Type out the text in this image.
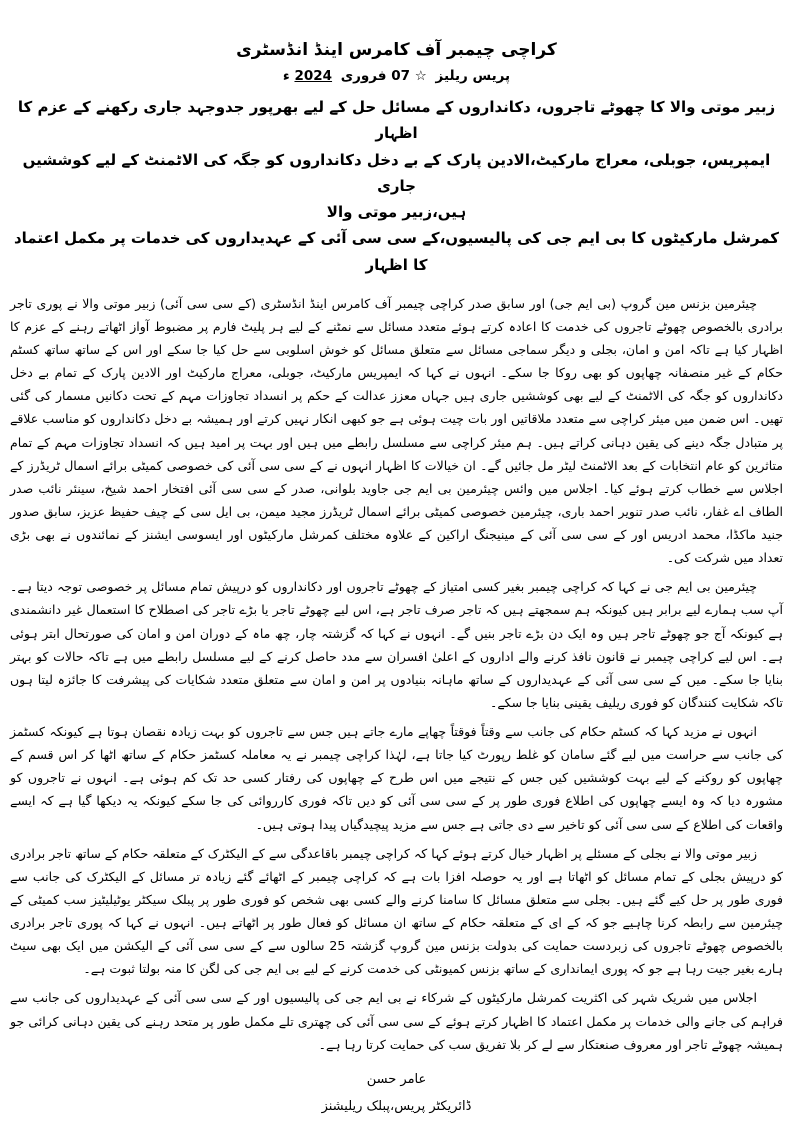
کراچی چیمبر آف کامرس اینڈ انڈسٹری
پریس ریلیز ☆ 07 فروری 2024 ء
زبیر موتی والا کا چھوٹے تاجروں، دکانداروں کے مسائل حل کے لیے بھرپور جدوجہد جاری رکھنے کے عزم کا اظہار
ایمپریس، جوبلی، معراج مارکیٹ،الادین پارک کے بے دخل دکانداروں کو جگہ کی الاٹمنٹ کے لیے کوششیں جاری
ہیں،زبیر موتی والا
کمرشل مارکیٹوں کا بی ایم جی کی پالیسیوں،کے سی سی آئی کے عہدیداروں کی خدمات پر مکمل اعتماد کا اظہار

چیئرمین بزنس مین گروپ (بی ایم جی) اور سابق صدر کراچی چیمبر آف کامرس اینڈ انڈسٹری (کے سی سی آئی) زبیر موتی والا نے پوری تاجر برادری بالخصوص چھوٹے تاجروں کی خدمت کا اعادہ کرتے ہوئے متعدد مسائل سے نمٹنے کے لیے ہر پلیٹ فارم پر مضبوط آواز اٹھاتے رہنے کے عزم کا اظہار کیا ہے تاکہ امن و امان، بجلی و دیگر سماجی مسائل سے متعلق مسائل کو خوش اسلوبی سے حل کیا جا سکے اور اس کے ساتھ ساتھ کسٹم حکام کے غیر منصفانہ چھاپوں کو بھی روکا جا سکے۔ انہوں نے کہا کہ ایمپریس مارکیٹ، جوبلی، معراج مارکیٹ اور الادین پارک کے تمام بے دخل دکانداروں کو جگہ کی الاٹمنٹ کے لیے بھی کوششیں جاری ہیں جہاں معزز عدالت کے حکم پر انسداد تجاوزات مہم کے تحت دکانیں مسمار کی گئی تھیں۔ اس ضمن میں میئر کراچی سے متعدد ملاقاتیں اور بات چیت ہوئی ہے جو کبھی انکار نہیں کرتے اور ہمیشہ بے دخل دکانداروں کو مناسب علاقے پر متبادل جگہ دینے کی یقین دہانی کراتے ہیں۔ ہم میئر کراچی سے مسلسل رابطے میں ہیں اور بہت پر امید ہیں کہ انسداد تجاوزات مہم کے تمام متاثرین کو عام انتخابات کے بعد الاٹمنٹ لیٹر مل جائیں گے۔ ان خیالات کا اظہار انہوں نے کے سی سی آئی کی خصوصی کمیٹی برائے اسمال ٹریڈرز کے اجلاس سے خطاب کرتے ہوئے کیا۔ اجلاس میں وائس چیئرمین بی ایم جی جاوید بلوانی، صدر کے سی سی آئی افتخار احمد شیخ، سینئر نائب صدر الطاف اے غفار، نائب صدر تنویر احمد باری، چیئرمین خصوصی کمیٹی برائے اسمال ٹریڈرز مجید میمن، بی ایل سی کے چیف حفیظ عزیز، سابق صدور جنید ماکڈا، محمد ادریس اور کے سی سی آئی کے مینیجنگ اراکین کے علاوہ مختلف کمرشل مارکیٹوں اور ایسوسی ایشنز کے نمائندوں نے بھی بڑی تعداد میں شرکت کی۔

چیئرمین بی ایم جی نے کہا کہ کراچی چیمبر بغیر کسی امتیاز کے چھوٹے تاجروں اور دکانداروں کو درپیش تمام مسائل پر خصوصی توجہ دیتا ہے۔ آپ سب ہمارے لیے برابر ہیں کیونکہ ہم سمجھتے ہیں کہ تاجر صرف تاجر ہے، اس لیے چھوٹے تاجر یا بڑے تاجر کی اصطلاح کا استعمال غیر دانشمندی ہے کیونکہ آج جو چھوٹے تاجر ہیں وہ ایک دن بڑے تاجر بنیں گے۔ انہوں نے کہا کہ گزشتہ چار، چھ ماہ کے دوران امن و امان کی صورتحال ابتر ہوئی ہے۔ اس لیے کراچی چیمبر نے قانون نافذ کرنے والے اداروں کے اعلیٰ افسران سے مدد حاصل کرنے کے لیے مسلسل رابطے میں ہے تاکہ حالات کو بہتر بنایا جا سکے۔ میں کے سی سی آئی کے عہدیداروں کے ساتھ ماہانہ بنیادوں پر امن و امان سے متعلق متعدد شکایات کی پیشرفت کا جائزہ لیتا ہوں تاکہ شکایت کنندگان کو فوری ریلیف یقینی بنایا جا سکے۔

انہوں نے مزید کہا کہ کسٹم حکام کی جانب سے وقتاً فوقتاً چھاپے مارے جاتے ہیں جس سے تاجروں کو بہت زیادہ نقصان ہوتا ہے کیونکہ کسٹمز کی جانب سے حراست میں لیے گئے سامان کو غلط رپورٹ کیا جاتا ہے، لہٰذا کراچی چیمبر نے یہ معاملہ کسٹمز حکام کے ساتھ اٹھا کر اس قسم کے چھاپوں کو روکنے کے لیے بہت کوششیں کیں جس کے نتیجے میں اس طرح کے چھاپوں کی رفتار کسی حد تک کم ہوئی ہے۔ انہوں نے تاجروں کو مشورہ دیا کہ وہ ایسے چھاپوں کی اطلاع فوری طور پر کے سی سی آئی کو دیں تاکہ فوری کارروائی کی جا سکے کیونکہ یہ دیکھا گیا ہے کہ ایسے واقعات کی اطلاع کے سی سی آئی کو تاخیر سے دی جاتی ہے جس سے مزید پیچیدگیاں پیدا ہوتی ہیں۔

زبیر موتی والا نے بجلی کے مسئلے پر اظہار خیال کرتے ہوئے کہا کہ کراچی چیمبر باقاعدگی سے کے الیکٹرک کے متعلقہ حکام کے ساتھ تاجر برادری کو درپیش بجلی کے تمام مسائل کو اٹھاتا ہے اور یہ حوصلہ افزا بات ہے کہ کراچی چیمبر کے اٹھائے گئے زیادہ تر مسائل کے الیکٹرک کی جانب سے فوری طور پر حل کیے گئے ہیں۔ بجلی سے متعلق مسائل کا سامنا کرنے والے کسی بھی شخص کو فوری طور پر پبلک سیکٹر یوٹیلیٹیز سب کمیٹی کے چیئرمین سے رابطہ کرنا چاہیے جو کہ کے ای کے متعلقہ حکام کے ساتھ ان مسائل کو فعال طور پر اٹھاتے ہیں۔ انہوں نے کہا کہ پوری تاجر برادری بالخصوص چھوٹے تاجروں کی زبردست حمایت کی بدولت بزنس مین گروپ گزشتہ 25 سالوں سے کے سی سی آئی کے الیکشن میں ایک بھی سیٹ ہارے بغیر جیت رہا ہے جو کہ پوری ایمانداری کے ساتھ بزنس کمیونٹی کی خدمت کرنے کے لیے بی ایم جی کی لگن کا منہ بولتا ثبوت ہے۔

اجلاس میں شریک شہر کی اکثریت کمرشل مارکیٹوں کے شرکاء نے بی ایم جی کی پالیسیوں اور کے سی سی آئی کے عہدیداروں کی جانب سے فراہم کی جانے والی خدمات پر مکمل اعتماد کا اظہار کرتے ہوئے کے سی سی آئی کی چھتری تلے مکمل طور پر متحد رہنے کی یقین دہانی کرائی جو ہمیشہ چھوٹے تاجر اور معروف صنعتکار سے لے کر بلا تفریق سب کی حمایت کرتا رہا ہے۔

عامر حسن
ڈائریکٹر پریس،پبلک ریلیشنز
